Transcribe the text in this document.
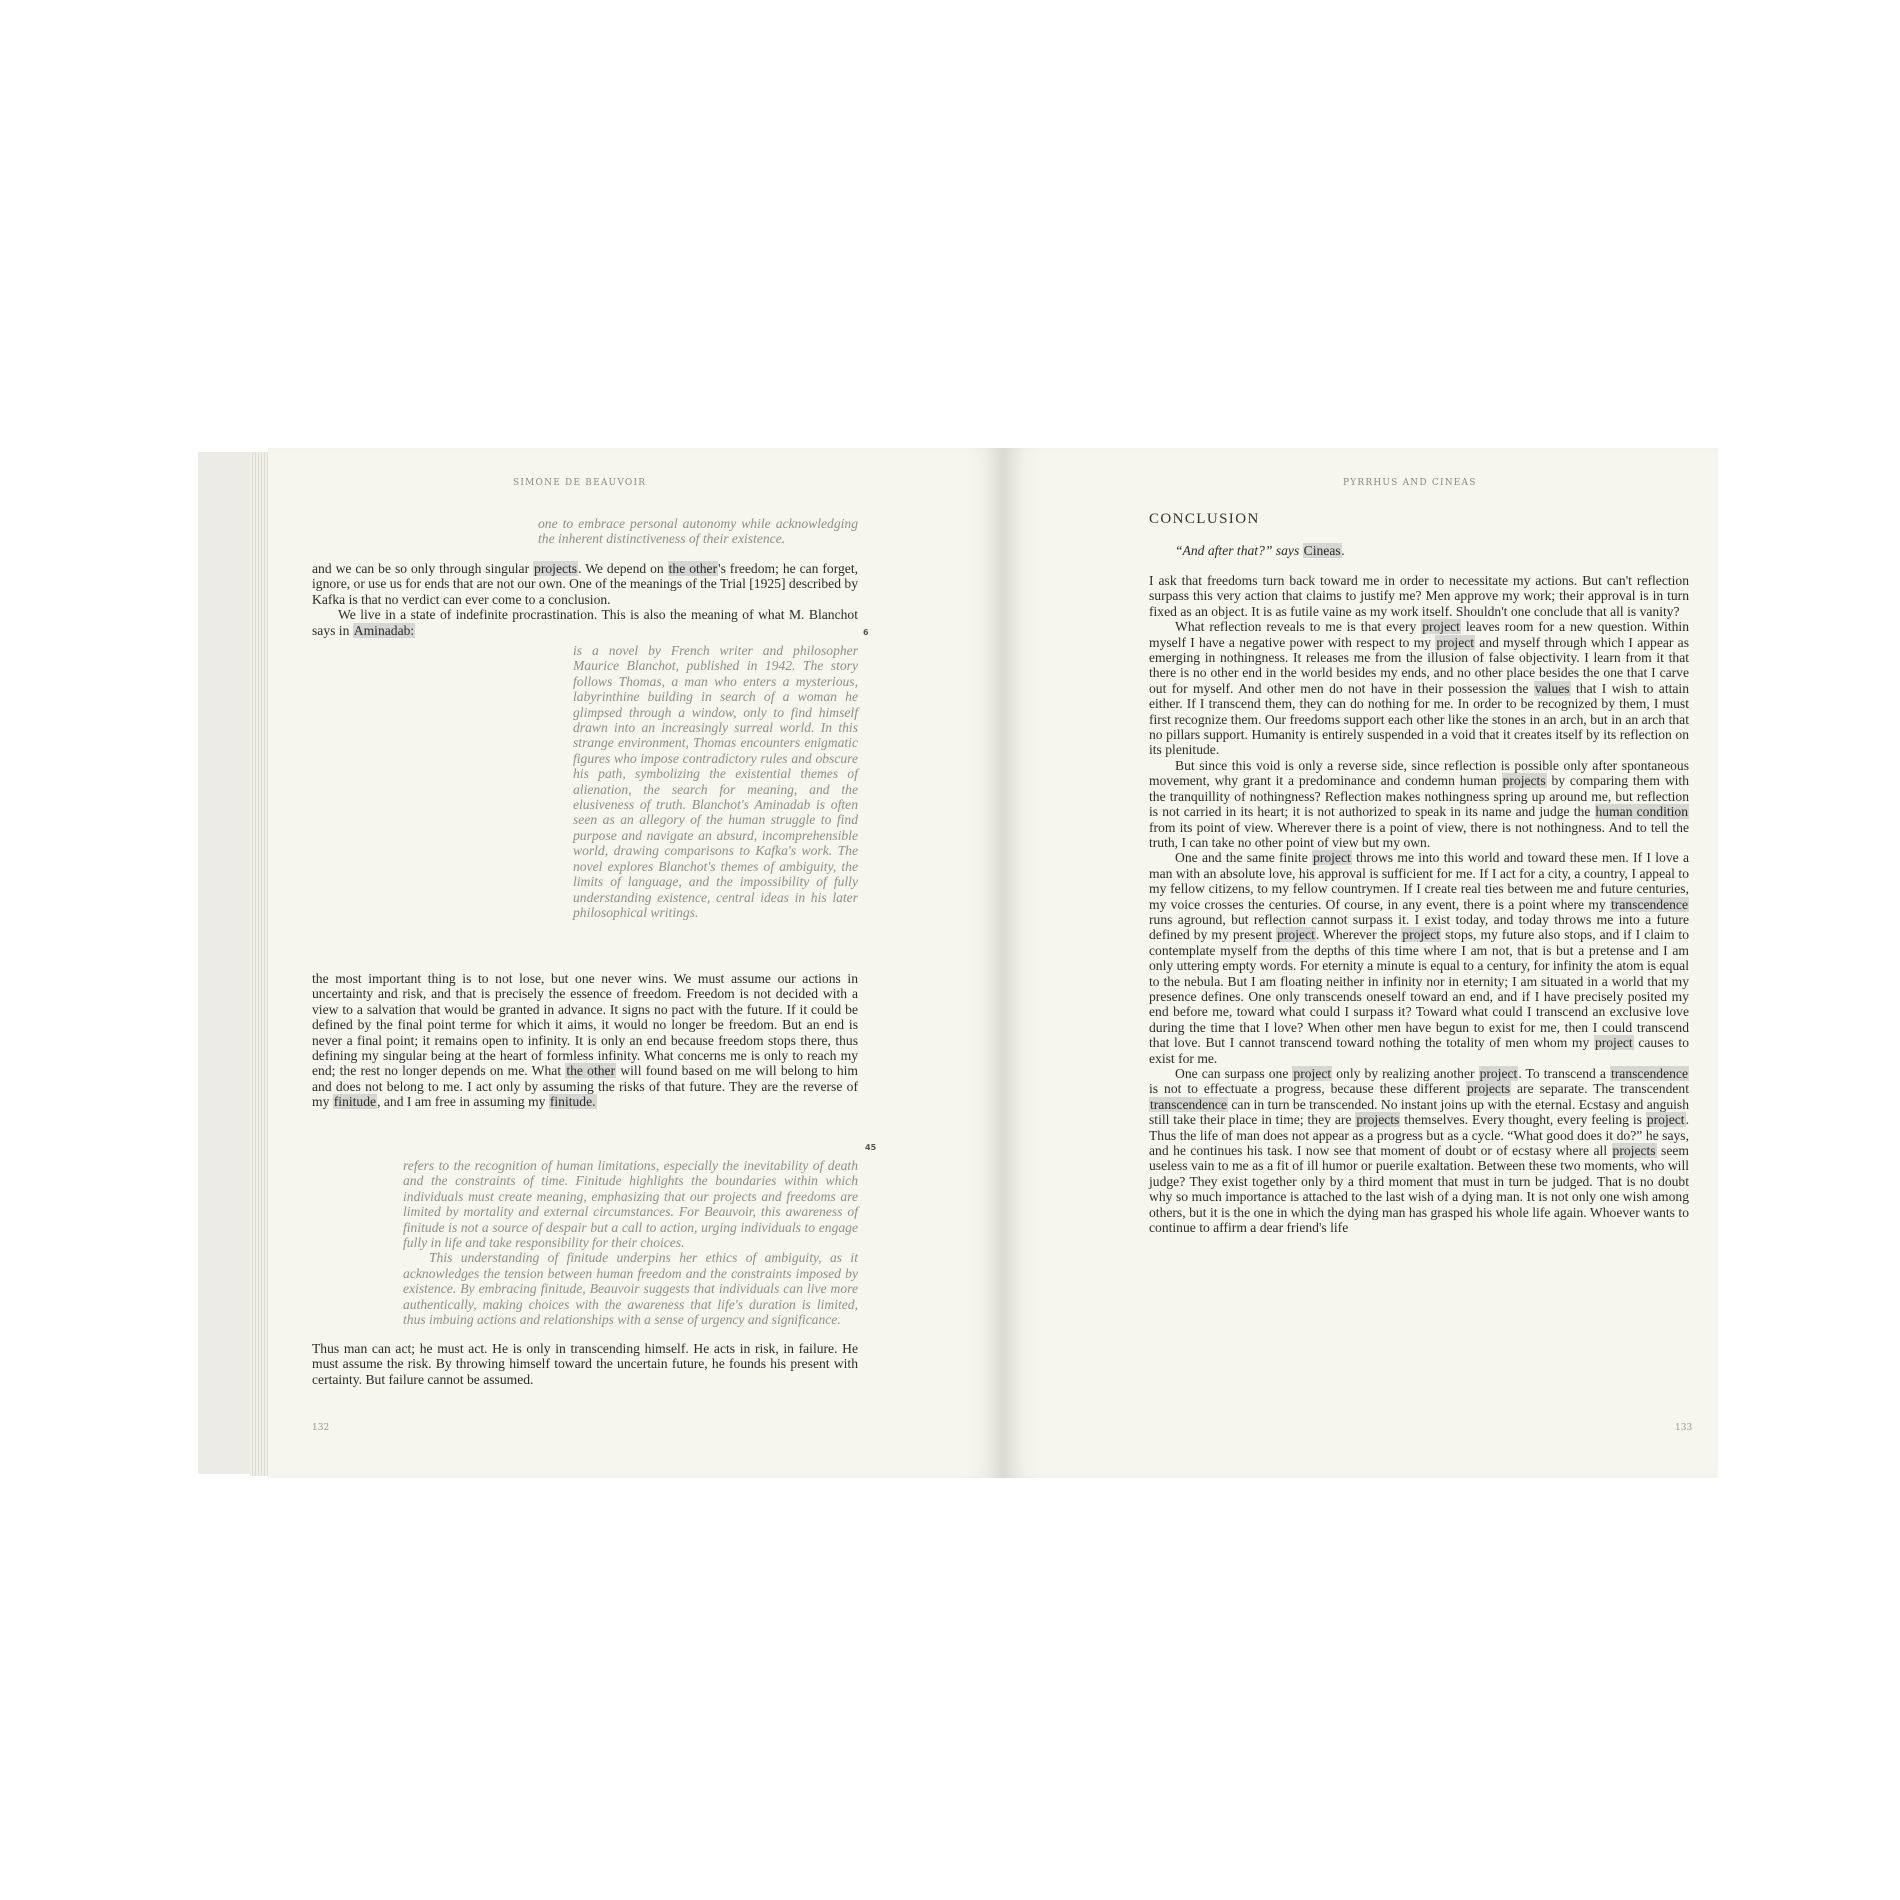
SIMONE DE BEAUVOIR
one to embrace personal autonomy while acknowledging the inherent distinctiveness of their existence.

and we can be so only through singular projects. We depend on the other's freedom; he can forget, ignore, or use us for ends that are not our own. One of the meanings of the Trial [1925] described by Kafka is that no verdict can ever come to a conclusion.

We live in a state of indefinite procrastination. This is also the meaning of what M. Blanchot says in Aminadab:	6
is a novel by French writer and philosopher Maurice Blanchot, published in 1942. The story follows Thomas, a man who enters a mysterious, labyrinthine building in search of a woman he glimpsed through a window, only to find himself drawn into an increasingly surreal world. In this strange environment, Thomas encounters enigmatic figures who impose contradictory rules and obscure his path, symbolizing the existential themes of alienation, the search for meaning, and the elusiveness of truth. Blanchot's Aminadab is often seen as an allegory of the human struggle to find purpose and navigate an absurd, incomprehensible world, drawing comparisons to Kafka's work. The novel explores Blanchot's themes of ambiguity, the limits of language, and the impossibility of fully understanding existence, central ideas in his later philosophical writings.

the most important thing is to not lose, but one never wins. We must assume our actions in uncertainty and risk, and that is precisely the essence of freedom. Freedom is not decided with a view to a salvation that would be granted in advance. It signs no pact with the future. If it could be defined by the final point terme for which it aims, it would no longer be freedom. But an end is never a final point; it remains open to infinity. It is only an end because freedom stops there, thus defining my singular being at the heart of formless infinity. What concerns me is only to reach my end; the rest no longer depends on me. What the other will found based on me will belong to him and does not belong to me. I act only by assuming the risks of that future. They are the reverse of my finitude, and I am free in assuming my finitude.

45
refers to the recognition of human limitations, especially the inevitability of death and the constraints of time. Finitude highlights the boundaries within which individuals must create meaning, emphasizing that our projects and freedoms are limited by mortality and external circumstances. For Beauvoir, this awareness of finitude is not a source of despair but a call to action, urging individuals to engage fully in life and take responsibility for their choices.
This understanding of finitude underpins her ethics of ambiguity, as it acknowledges the tension between human freedom and the constraints imposed by existence. By embracing finitude, Beauvoir suggests that individuals can live more authentically, making choices with the awareness that life's duration is limited, thus imbuing actions and relationships with a sense of urgency and significance.
Thus man can act; he must act. He is only in transcending himself. He acts in risk, in failure. He must assume the risk. By throwing himself toward the uncertain future, he founds his present with certainty. But failure cannot be assumed.
132
PYRRHUS AND CINEAS
CONCLUSION
“And after that?” says Cineas.

I ask that freedoms turn back toward me in order to necessitate my actions. But can't reflection surpass this very action that claims to justify me? Men approve my work; their approval is in turn fixed as an object. It is as futile vaine as my work itself. Shouldn't one conclude that all is vanity?

What reflection reveals to me is that every project leaves room for a new question. Within myself I have a negative power with respect to my project and myself through which I appear as emerging in nothingness. It releases me from the illusion of false objectivity. I learn from it that there is no other end in the world besides my ends, and no other place besides the one that I carve out for myself. And other men do not have in their possession the values that I wish to attain either. If I transcend them, they can do nothing for me. In order to be recognized by them, I must first recognize them. Our freedoms support each other like the stones in an arch, but in an arch that no pillars support. Humanity is entirely suspended in a void that it creates itself by its reflection on its plenitude.

But since this void is only a reverse side, since reflection is possible only after spontaneous movement, why grant it a predominance and condemn human projects by comparing them with the tranquillity of nothingness? Reflection makes nothingness spring up around me, but reflection is not carried in its heart; it is not authorized to speak in its name and judge the human condition from its point of view. Wherever there is a point of view, there is not nothingness. And to tell the truth, I can take no other point of view but my own.

One and the same finite project throws me into this world and toward these men. If I love a man with an absolute love, his approval is sufficient for me. If I act for a city, a country, I appeal to my fellow citizens, to my fellow countrymen. If I create real ties between me and future centuries, my voice crosses the centuries. Of course, in any event, there is a point where my transcendence runs aground, but reflection cannot surpass it. I exist today, and today throws me into a future defined by my present project. Wherever the project stops, my future also stops, and if I claim to contemplate myself from the depths of this time where I am not, that is but a pretense and I am only uttering empty words. For eternity a minute is equal to a century, for infinity the atom is equal to the nebula. But I am floating neither in infinity nor in eternity; I am situated in a world that my presence defines. One only transcends oneself toward an end, and if I have precisely posited my end before me, toward what could I surpass it? Toward what could I transcend an exclusive love during the time that I love? When other men have begun to exist for me, then I could transcend that love. But I cannot transcend toward nothing the totality of men whom my project causes to exist for me.

One can surpass one project only by realizing another project. To transcend a transcendence is not to effectuate a progress, because these different projects are separate. The transcendent transcendence can in turn be transcended. No instant joins up with the eternal. Ecstasy and anguish still take their place in time; they are projects themselves. Every thought, every feeling is project. Thus the life of man does not appear as a progress but as a cycle. “What good does it do?” he says, and he continues his task. I now see that moment of doubt or of ecstasy where all projects seem useless vain to me as a fit of ill humor or puerile exaltation. Between these two moments, who will judge? They exist together only by a third moment that must in turn be judged. That is no doubt why so much importance is attached to the last wish of a dying man. It is not only one wish among others, but it is the one in which the dying man has grasped his whole life again. Whoever wants to continue to affirm a dear friend's life

133
